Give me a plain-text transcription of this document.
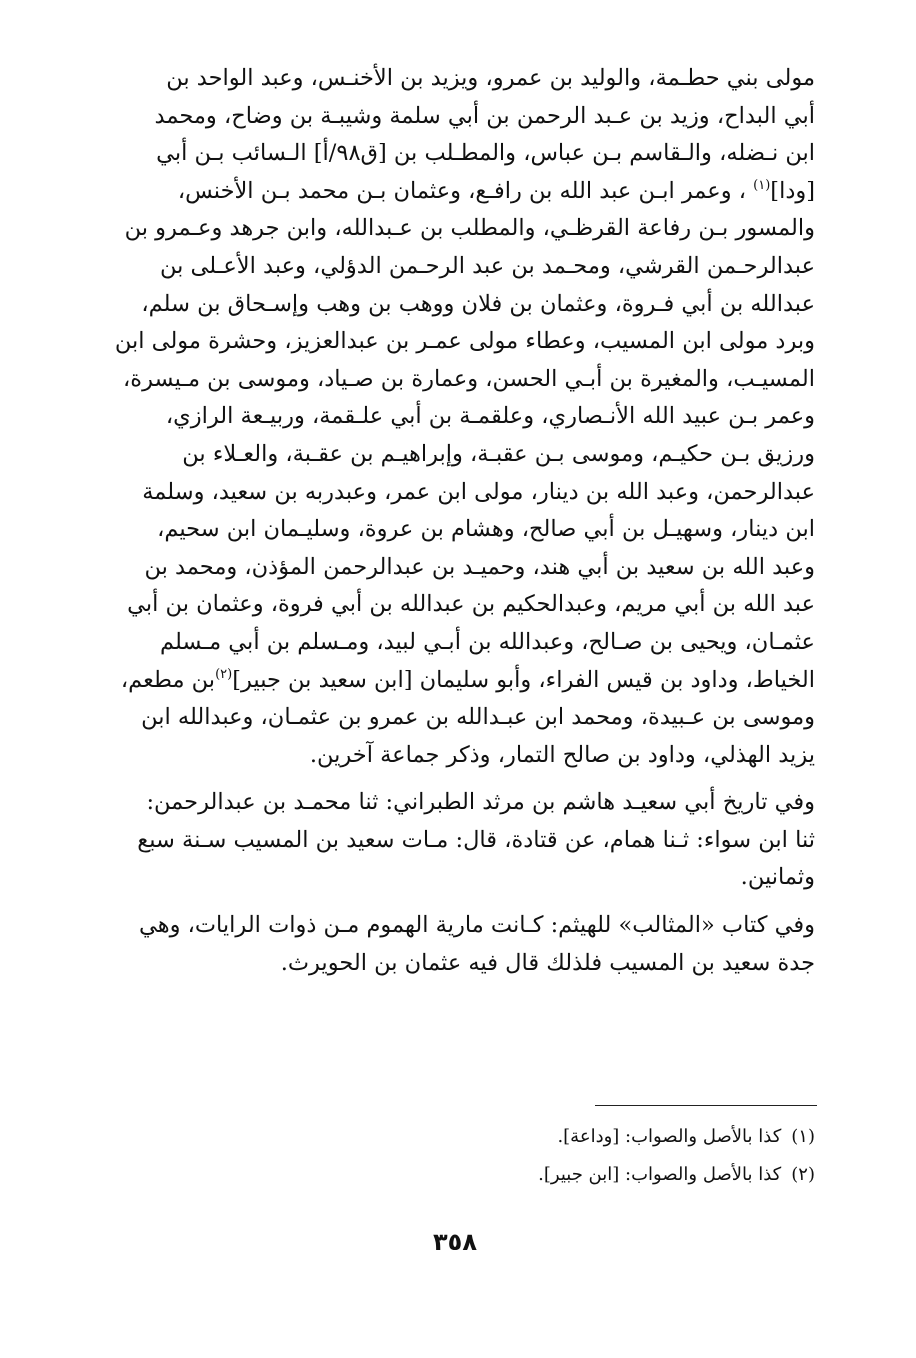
مولى بني حطـمة، والوليد بن عمرو، ويزيد بن الأخنـس، وعبد الواحد بن
أبي البداح، وزيد بن عـبد الرحمن بن أبي سلمة وشيبـة بن وضاح، ومحمد
ابن نـضله، والـقاسم بـن عباس، والمطـلب بن [ق٩٨/أ] الـسائب بـن أبي
[ودا]$^{(١)}$ ، وعمر ابـن عبد الله بن رافـع، وعثمان بـن محمد بـن الأخنس،
والمسور بـن رفاعة القرظـي، والمطلب بن عـبدالله، وابن جرهد وعـمرو بن
عبدالرحـمن القرشي، ومحـمد بن عبد الرحـمن الدؤلي، وعبد الأعـلى بن
عبدالله بن أبي فـروة، وعثمان بن فلان ووهب بن وهب وإسـحاق بن سلم،
وبرد مولى ابن المسيب، وعطاء مولى عمـر بن عبدالعزيز، وحشرة مولى ابن
المسيـب، والمغيرة بن أبـي الحسن، وعمارة بن صـياد، وموسى بن مـيسرة،
وعمر بـن عبيد الله الأنـصاري، وعلقمـة بن أبي علـقمة، وربيـعة الرازي،
ورزيق بـن حكيـم، وموسى بـن عقبـة، وإبراهيـم بن عقـبة، والعـلاء بن
عبدالرحمن، وعبد الله بن دينار، مولى ابن عمر، وعبدربه بن سعيد، وسلمة
ابن دينار، وسهيـل بن أبي صالح، وهشام بن عروة، وسليـمان ابن سحيم،
وعبد الله بن سعيد بن أبي هند، وحميـد بن عبدالرحمن المؤذن، ومحمد بن
عبد الله بن أبي مريم، وعبدالحكيم بن عبدالله بن أبي فروة، وعثمان بن أبي
عثمـان، ويحيى بن صـالح، وعبدالله بن أبـي لبيد، ومـسلم بن أبي مـسلم
الخياط، وداود بن قيس الفراء، وأبو سليمان [ابن سعيد بن جبير]$^{(٢)}$بن مطعم،
وموسى بن عـبيدة، ومحمد ابن عبـدالله بن عمرو بن عثمـان، وعبدالله ابن
يزيد الهذلي، وداود بن صالح التمار، وذكر جماعة آخرين.
وفي تاريخ أبي سعيـد هاشم بن مرثد الطبراني: ثنا محمـد بن عبدالرحمن:
ثنا ابن سواء: ثـنا همام، عن قتادة، قال: مـات سعيد بن المسيب سـنة سبع
وثمانين.
وفي كتاب «المثالب» للهيثم: كـانت مارية الهموم مـن ذوات الرايات، وهي
جدة سعيد بن المسيب فلذلك قال فيه عثمان بن الحويرث.
(١)كذا بالأصل والصواب: [وداعة].
(٢)كذا بالأصل والصواب: [ابن جبير].
٣٥٨
